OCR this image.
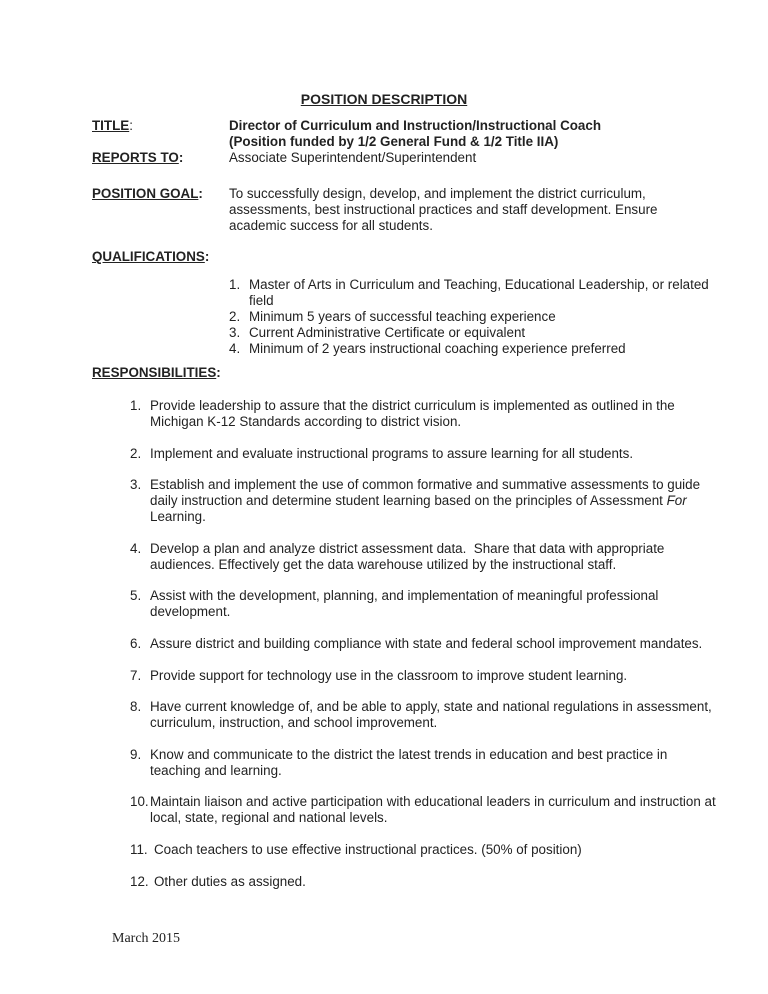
POSITION DESCRIPTION
TITLE:	Director of Curriculum and Instruction/Instructional Coach
(Position funded by 1/2 General Fund & 1/2 Title IIA)
REPORTS TO:	Associate Superintendent/Superintendent
POSITION GOAL: To successfully design, develop, and implement the district curriculum, assessments, best instructional practices and staff development. Ensure academic success for all students.
QUALIFICATIONS:
1. Master of Arts in Curriculum and Teaching, Educational Leadership, or related field
2. Minimum 5 years of successful teaching experience
3. Current Administrative Certificate or equivalent
4. Minimum of 2 years instructional coaching experience preferred
RESPONSIBILITIES:
1. Provide leadership to assure that the district curriculum is implemented as outlined in the Michigan K-12 Standards according to district vision.
2. Implement and evaluate instructional programs to assure learning for all students.
3. Establish and implement the use of common formative and summative assessments to guide daily instruction and determine student learning based on the principles of Assessment For Learning.
4. Develop a plan and analyze district assessment data.  Share that data with appropriate audiences. Effectively get the data warehouse utilized by the instructional staff.
5. Assist with the development, planning, and implementation of meaningful professional development.
6. Assure district and building compliance with state and federal school improvement mandates.
7. Provide support for technology use in the classroom to improve student learning.
8. Have current knowledge of, and be able to apply, state and national regulations in assessment, curriculum, instruction, and school improvement.
9. Know and communicate to the district the latest trends in education and best practice in teaching and learning.
10. Maintain liaison and active participation with educational leaders in curriculum and instruction at local, state, regional and national levels.
11. Coach teachers to use effective instructional practices. (50% of position)
12. Other duties as assigned.
March 2015
